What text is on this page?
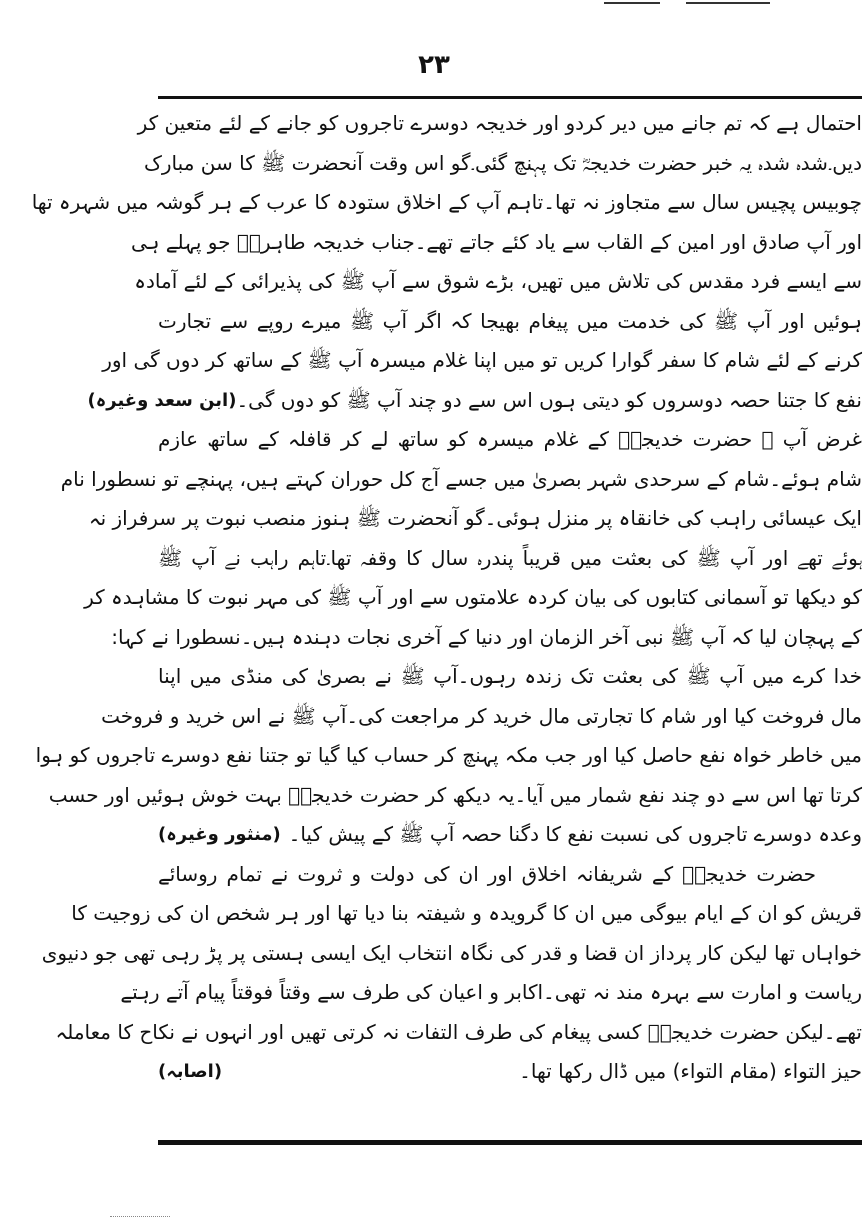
۲۳
احتمال ہے کہ تم جانے میں دیر کردو اور خدیجہ دوسرے تاجروں کو جانے کے لئے متعین کر
دیں۔شدہ شدہ یہ خبر حضرت خدیجہؓ تک پہنچ گئی۔گو اس وقت آنحضرت ﷺ کا سن مبارک
چوبیس پچیس سال سے متجاوز نہ تھا۔تاہم آپ کے اخلاق ستودہ کا عرب کے ہر گوشہ میں شہرہ تھا
اور آپ صادق اور امین کے القاب سے یاد کئے جاتے تھے۔جناب خدیجہ طاہرہؓ جو پہلے ہی
سے ایسے فرد مقدس کی تلاش میں تھیں، بڑے شوق سے آپ ﷺ کی پذیرائی کے لئے آمادہ
ہوئیں اور آپ ﷺ کی خدمت میں پیغام بھیجا کہ اگر آپ ﷺ میرے روپے سے تجارت
کرنے کے لئے شام کا سفر گوارا کریں تو میں اپنا غلام میسرہ آپ ﷺ کے ساتھ کر دوں گی اور
نفع کا جتنا حصہ دوسروں کو دیتی ہوں اس سے دو چند آپ ﷺ کو دوں گی۔
(ابن سعد وغیرہ)
غرض آپ ﷺ حضرت خدیجہؓ کے غلام میسرہ کو ساتھ لے کر قافلہ کے ساتھ عازم
شام ہوئے۔شام کے سرحدی شہر بصریٰ میں جسے آج کل حوران کہتے ہیں، پہنچے تو نسطورا نام
ایک عیسائی راہب کی خانقاہ پر منزل ہوئی۔گو آنحضرت ﷺ ہنوز منصب نبوت پر سرفراز نہ
ہوئے تھے اور آپ ﷺ کی بعثت میں قریباً پندرہ سال کا وقفہ تھا۔تاہم راہب نے آپ ﷺ
کو دیکھا تو آسمانی کتابوں کی بیان کردہ علامتوں سے اور آپ ﷺ کی مہر نبوت کا مشاہدہ کر
کے پہچان لیا کہ آپ ﷺ نبی آخر الزمان اور دنیا کے آخری نجات دہندہ ہیں۔نسطورا نے کہا:
خدا کرے میں آپ ﷺ کی بعثت تک زندہ رہوں۔آپ ﷺ نے بصریٰ کی منڈی میں اپنا
مال فروخت کیا اور شام کا تجارتی مال خرید کر مراجعت کی۔آپ ﷺ نے اس خرید و فروخت
میں خاطر خواہ نفع حاصل کیا اور جب مکہ پہنچ کر حساب کیا گیا تو جتنا نفع دوسرے تاجروں کو ہوا
کرتا تھا اس سے دو چند نفع شمار میں آیا۔یہ دیکھ کر حضرت خدیجہؓ بہت خوش ہوئیں اور حسب
وعدہ دوسرے تاجروں کی نسبت نفع کا دگنا حصہ آپ ﷺ کے پیش کیا۔
(منثور وغیرہ)
حضرت خدیجہؓ کے شریفانہ اخلاق اور ان کی دولت و ثروت نے تمام روسائے
قریش کو ان کے ایام بیوگی میں ان کا گرویدہ و شیفتہ بنا دیا تھا اور ہر شخص ان کی زوجیت کا
خواہاں تھا لیکن کار پرداز ان قضا و قدر کی نگاہ انتخاب ایک ایسی ہستی پر پڑ رہی تھی جو دنیوی
ریاست و امارت سے بہرہ مند نہ تھی۔اکابر و اعیان کی طرف سے وقتاً فوقتاً پیام آتے رہتے
تھے۔لیکن حضرت خدیجہؓ کسی پیغام کی طرف التفات نہ کرتی تھیں اور انہوں نے نکاح کا معاملہ
حیز التواء (مقام التواء) میں ڈال رکھا تھا۔
(اصابہ)
